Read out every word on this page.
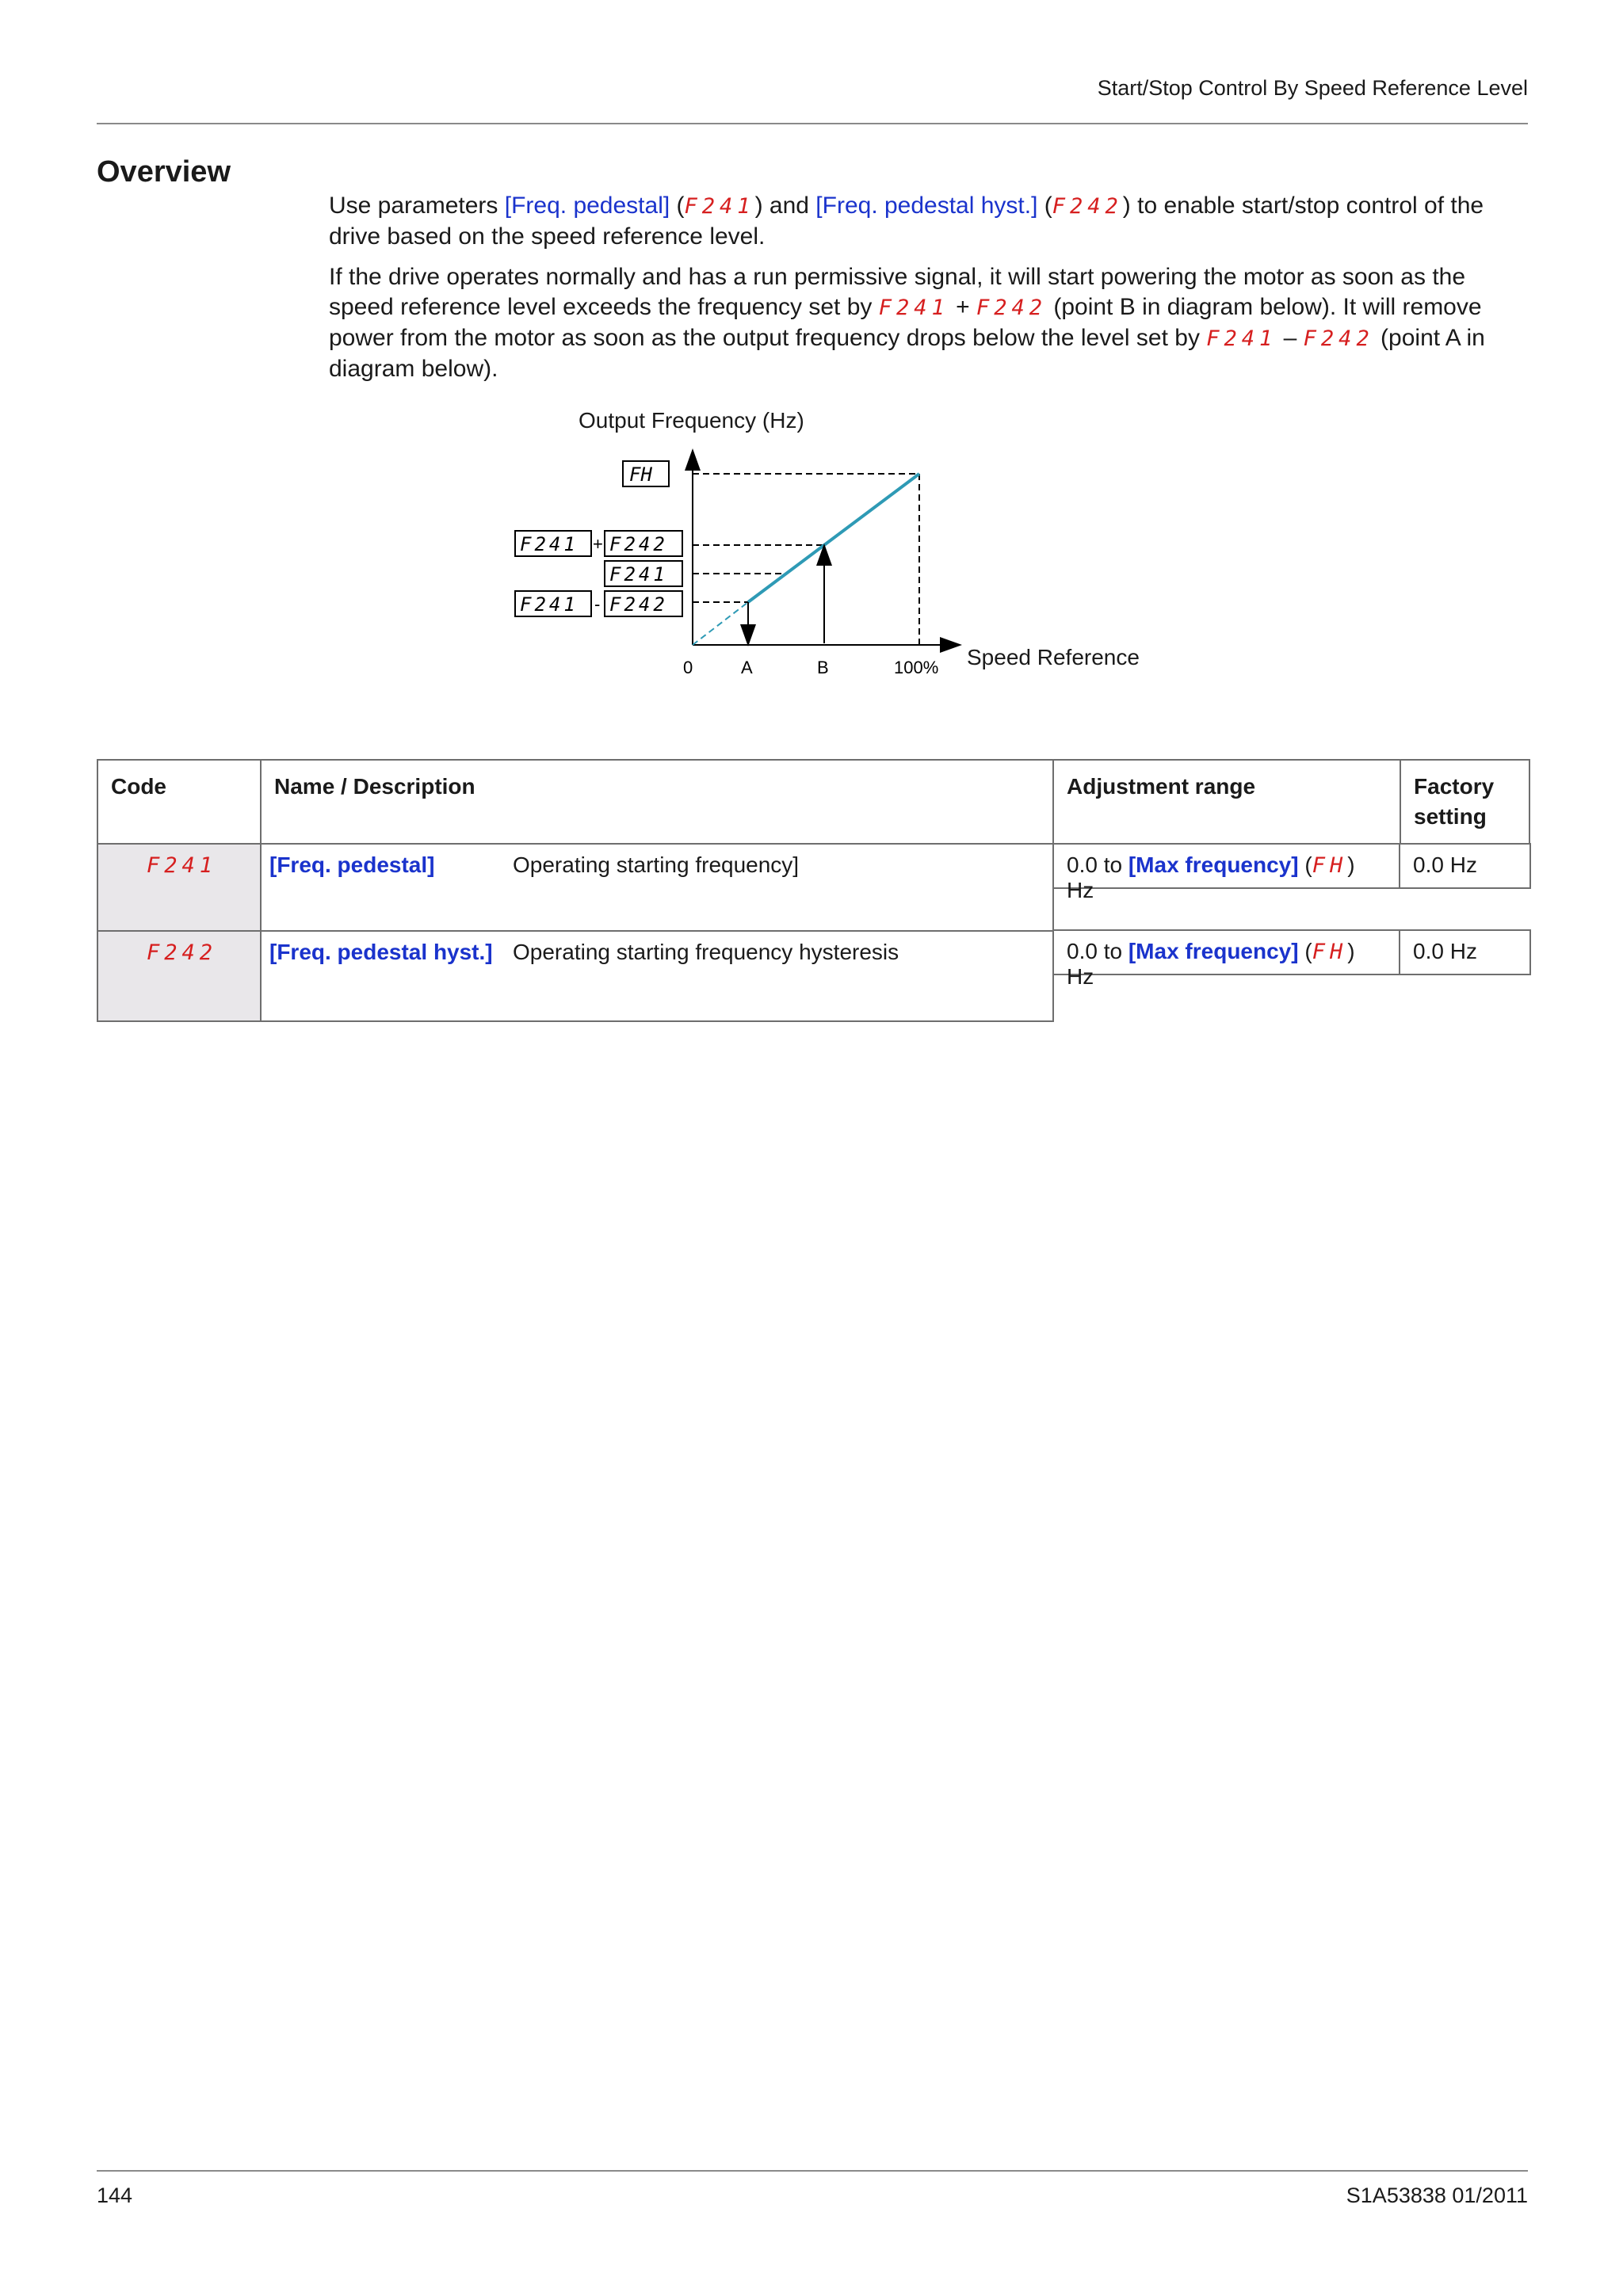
Start/Stop Control By Speed Reference Level
Overview
Use parameters [Freq. pedestal] (F241) and [Freq. pedestal hyst.] (F242) to enable start/stop control of the drive based on the speed reference level.
If the drive operates normally and has a run permissive signal, it will start powering the motor as soon as the speed reference level exceeds the frequency set by F241 + F242 (point B in diagram below). It will remove power from the motor as soon as the output frequency drops below the level set by F241 – F242 (point A in diagram below).
Output Frequency (Hz)
FH
F241 + F242
F241
F241 - F242
0	A	B	100% Speed Reference
Code	Name / Description		Adjustment range	Factory
setting
F241	[Freq. pedestal]	Operating starting frequency]	0.0 to [Max frequency] (FH) Hz	0.0 Hz

F242	[Freq. pedestal hyst.]	Operating starting frequency hysteresis	0.0 to [Max frequency] (FH) Hz	0.0 Hz
144	S1A53838 01/2011
